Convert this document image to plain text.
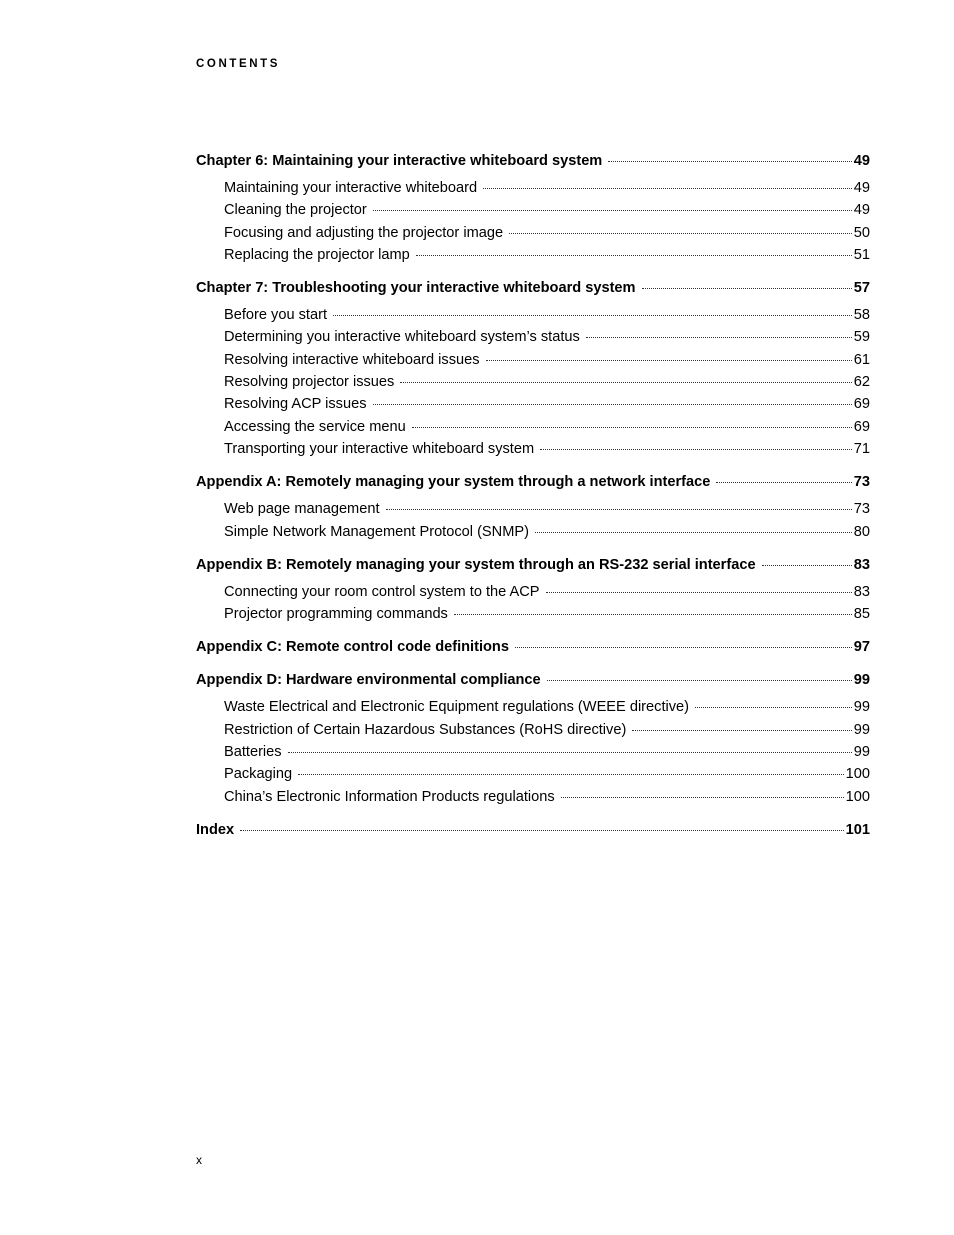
CONTENTS
Chapter 6: Maintaining your interactive whiteboard system	49
Maintaining your interactive whiteboard	49
Cleaning the projector	49
Focusing and adjusting the projector image	50
Replacing the projector lamp	51
Chapter 7: Troubleshooting your interactive whiteboard system	57
Before you start	58
Determining you interactive whiteboard system’s status	59
Resolving interactive whiteboard issues	61
Resolving projector issues	62
Resolving ACP issues	69
Accessing the service menu	69
Transporting your interactive whiteboard system	71
Appendix A: Remotely managing your system through a network interface	73
Web page management	73
Simple Network Management Protocol (SNMP)	80
Appendix B: Remotely managing your system through an RS-232 serial interface	83
Connecting your room control system to the ACP	83
Projector programming commands	85
Appendix C: Remote control code definitions	97
Appendix D: Hardware environmental compliance	99
Waste Electrical and Electronic Equipment regulations (WEEE directive)	99
Restriction of Certain Hazardous Substances (RoHS directive)	99
Batteries	99
Packaging	100
China’s Electronic Information Products regulations	100
Index	101
x
